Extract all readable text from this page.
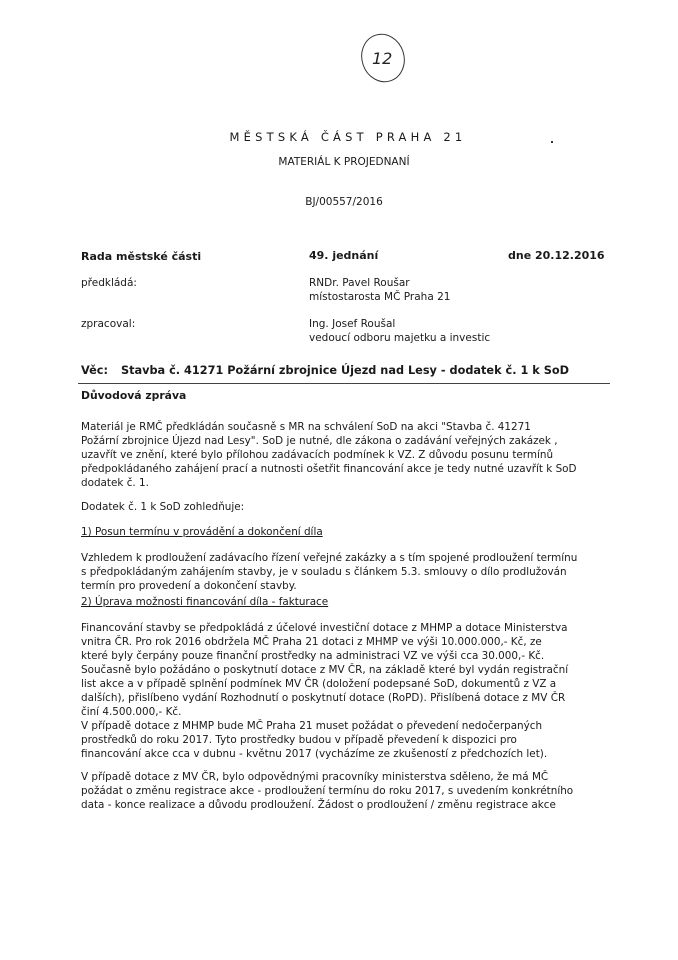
12
MĚSTSKÁ ČÁST PRAHA 21
MATERIÁL K PROJEDNANÍ
BJ/00557/2016
Rada městské části	49. jednání	dne 20.12.2016
předkládá:	RNDr. Pavel Roušar
místostarosta MČ Praha 21
zpracoval:	Ing. Josef Roušal
vedoucí odboru majetku a investic
Věc: Stavba č. 41271 Požární zbrojnice Újezd nad Lesy - dodatek č. 1 k SoD
Důvodová zpráva
Materiál je RMČ předkládán současně s MR na schválení SoD na akci "Stavba č. 41271
Požární zbrojnice Újezd nad Lesy". SoD je nutné, dle zákona o zadávání veřejných zakázek ,
uzavřít ve znění, které bylo přílohou zadávacích podmínek k VZ. Z důvodu posunu termínů
předpokládaného zahájení prací a nutnosti ošetřit financování akce je tedy nutné uzavřít k SoD
dodatek č. 1.
Dodatek č. 1 k SoD zohledňuje:
1) Posun termínu v provádění a dokončení díla
Vzhledem k prodloužení zadávacího řízení veřejné zakázky a s tím spojené prodloužení termínu
s předpokládaným zahájením stavby, je v souladu s článkem 5.3. smlouvy o dílo prodlužován
termín pro provedení a dokončení stavby.
2) Úprava možnosti financování díla - fakturace
Financování stavby se předpokládá z účelové investiční dotace z MHMP a dotace Ministerstva
vnitra ČR. Pro rok 2016 obdržela MČ Praha 21 dotaci z MHMP ve výši 10.000.000,- Kč, ze
které byly čerpány pouze finanční prostředky na administraci VZ ve výši cca 30.000,- Kč.
Současně bylo požádáno o poskytnutí dotace z MV ČR, na základě které byl vydán registrační
list akce a v případě splnění podmínek MV ČR (doložení podepsané SoD, dokumentů z VZ a
dalších), přislíbeno vydání Rozhodnutí o poskytnutí dotace (RoPD). Přislíbená dotace z MV ČR
činí 4.500.000,- Kč.
V případě dotace z MHMP bude MČ Praha 21 muset požádat o převedení nedočerpaných
prostředků do roku 2017. Tyto prostředky budou v případě převedení k dispozici pro
financování akce cca v dubnu - květnu 2017 (vycházíme ze zkušeností z předchozích let).
V případě dotace z MV ČR, bylo odpovědnými pracovníky ministerstva sděleno, že má MČ
požádat o změnu registrace akce - prodloužení termínu do roku 2017, s uvedením konkrétního
data - konce realizace a důvodu prodloužení. Žádost o prodloužení / změnu registrace akce
